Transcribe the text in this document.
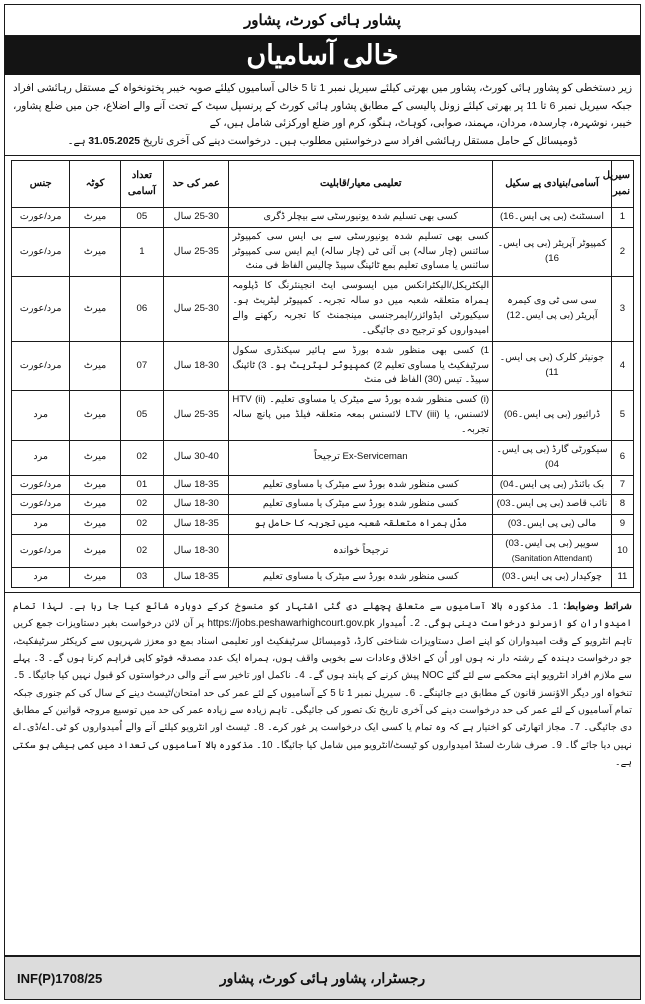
پشاور ہائی کورٹ، پشاور
خالی آسامیاں
زیر دستخطی کو پشاور ہائی کورٹ، پشاور میں بھرتی کیلئے سیریل نمبر 1 تا 5 خالی آسامیوں کیلئے صوبہ خیبر پختونخواہ کے مستقل رہائشی افراد جبکہ سیریل نمبر 6 تا 11 پر بھرتی کیلئے زونل پالیسی کے مطابق پشاور ہائی کورٹ کے پرنسپل سیٹ کے تحت آنے والے اضلاع، جن میں ضلع پشاور، خیبر، نوشہرہ، چارسدہ، مردان، مہمند، صوابی، کوہاٹ، ہنگو، کرم اور ضلع اورکزئی شامل ہیں، کے
ڈومیسائل کے حامل مستقل رہائشی افراد سے درخواستیں مطلوب ہیں۔ درخواست دینے کی آخری تاریخ 31.05.2025 ہے۔
سیریل نمبر	آسامی/بنیادی پے سکیل	تعلیمی معیار/قابلیت	عمر کی حد	تعداد آسامی	کوٹہ	جنس
1	اسسٹنٹ (بی پی ایس۔16)	کسی بھی تسلیم شدہ یونیورسٹی سے بیچلر ڈگری	25-30 سال	05	میرٹ	مرد/عورت
2	کمپیوٹر آپریٹر (بی پی ایس۔16)	کسی بھی تسلیم شدہ یونیورسٹی سے بی ایس سی کمپیوٹر سائنس (چار سالہ) بی آئی ٹی (چار سالہ) ایم ایس سی کمپیوٹر سائنس یا مساوی تعلیم بمع ٹائپنگ سپیڈ چالیس الفاظ فی منٹ	25-35 سال	1	میرٹ	مرد/عورت
3	سی سی ٹی وی کیمرہ آپریٹر (بی پی ایس۔12)	الیکٹریکل/الیکٹرانکس میں ایسوسی ایٹ انجینئرنگ کا ڈپلومہ ہمراہ متعلقہ شعبہ میں دو سالہ تجربہ۔ کمپیوٹر لیٹریٹ ہو۔ سیکیورٹی ایڈوائزر/ایمرجنسی مینجمنٹ کا تجربہ رکھنے والے امیدواروں کو ترجیح دی جائیگی۔	25-30 سال	06	میرٹ	مرد/عورت
4	جونیئر کلرک (بی پی ایس۔11)	1) کسی بھی منظور شدہ بورڈ سے ہائیر سیکنڈری سکول سرٹیفکیٹ یا مساوی تعلیم 2) کمپیوٹر لیٹریٹ ہو۔ 3) ٹائپنگ سپیڈ۔ تیس (30) الفاظ فی منٹ	18-30 سال	07	میرٹ	مرد/عورت
5	ڈرائیور (بی پی ایس۔06)	(i) کسی منظور شدہ بورڈ سے میٹرک یا مساوی تعلیم۔ (ii) HTV لائسنس، یا (iii) LTV لائسنس بمعہ متعلقہ فیلڈ میں پانچ سالہ تجربہ۔	25-35 سال	05	میرٹ	مرد
6	سیکورٹی گارڈ (بی پی ایس۔04)	Ex-Serviceman ترجیحاً	30-40 سال	02	میرٹ	مرد
7	بک بائنڈر (بی پی ایس۔04)	کسی منظور شدہ بورڈ سے میٹرک یا مساوی تعلیم	18-35 سال	01	میرٹ	مرد/عورت
8	نائب قاصد (بی پی ایس۔03)	کسی منظور شدہ بورڈ سے میٹرک یا مساوی تعلیم	18-30 سال	02	میرٹ	مرد/عورت
9	مالی (بی پی ایس۔03)	مڈل ہمراہ متعلقہ شعبہ میں تجربہ کا حامل ہو	18-35 سال	02	میرٹ	مرد
10	سویپر (بی پی ایس۔03)
(Sanitation Attendant)	ترجیحاً خواندہ	18-30 سال	02	میرٹ	مرد/عورت
11	چوکیدار (بی پی ایس۔03)	کسی منظور شدہ بورڈ سے میٹرک یا مساوی تعلیم	18-35 سال	03	میرٹ	مرد
شرائط وضوابط: 1۔ مذکورہ بالا آسامیوں سے متعلق پچھلے دی گئی اشتہار کو منسوخ کرکے دوبارہ شائع کیا جا رہا ہے۔ لہذا تمام امیدواران کو ازسرنو درخواست دینی ہوگی۔ 2۔ اُمیدوار https://jobs.peshawarhighcourt.gov.pk پر آن لائن درخواست بغیر دستاویزات جمع کریں تاہم انٹرویو کے وقت امیدواران کو اپنے اصل دستاویزات شناختی کارڈ، ڈومیسائل سرٹیفکیٹ اور تعلیمی اسناد بمع دو معزز شہریوں سے کریکٹر سرٹیفکیٹ، جو درخواست دہندہ کے رشتہ دار نہ ہوں اور اُن کے اخلاق وعادات سے بخوبی واقف ہوں، ہمراہ ایک عدد مصدقہ فوٹو کاپی فراہم کرنا ہوں گے۔ 3۔ پہلے سے ملازم افراد انٹرویو اپنے محکمے سے لئے گئے NOC پیش کرنے کے پابند ہوں گے۔ 4۔ ناکمل اور تاخیر سے آنے والی درخواستوں کو قبول نہیں کیا جائیگا۔ 5۔ تنخواہ اور دیگر الاؤنسز قانون کے مطابق دیے جائینگے۔ 6۔ سیریل نمبر 1 تا 5 کے آسامیوں کے لئے عمر کی حد امتحان/ٹیسٹ دینے کے سال کی کم جنوری جبکہ تمام آسامیوں کے لئے عمر کی حد درخواست دینے کی آخری تاریخ تک تصور کی جائیگی۔ تاہم زیادہ سے زیادہ عمر کی حد میں توسیع مروجہ قوانین کے مطابق دی جائیگی۔ 7۔ مجاز اتھارٹی کو اختیار ہے کہ وہ تمام یا کسی ایک درخواست پر غور کرے۔ 8۔ ٹیسٹ اور انٹرویو کیلئے آنے والے اُمیدواروں کو ٹی۔اے/ڈی۔اے نہیں دیا جائے گا۔ 9۔ صرف شارٹ لسٹڈ امیدواروں کو ٹیسٹ/انٹرویو میں شامل کیا جائیگا۔ 10۔ مذکورہ بالا آسامیوں کی تعداد میں کمی بیشی ہو سکتی ہے۔
INF(P)1708/25	رجسٹرار، پشاور ہائی کورٹ، پشاور
